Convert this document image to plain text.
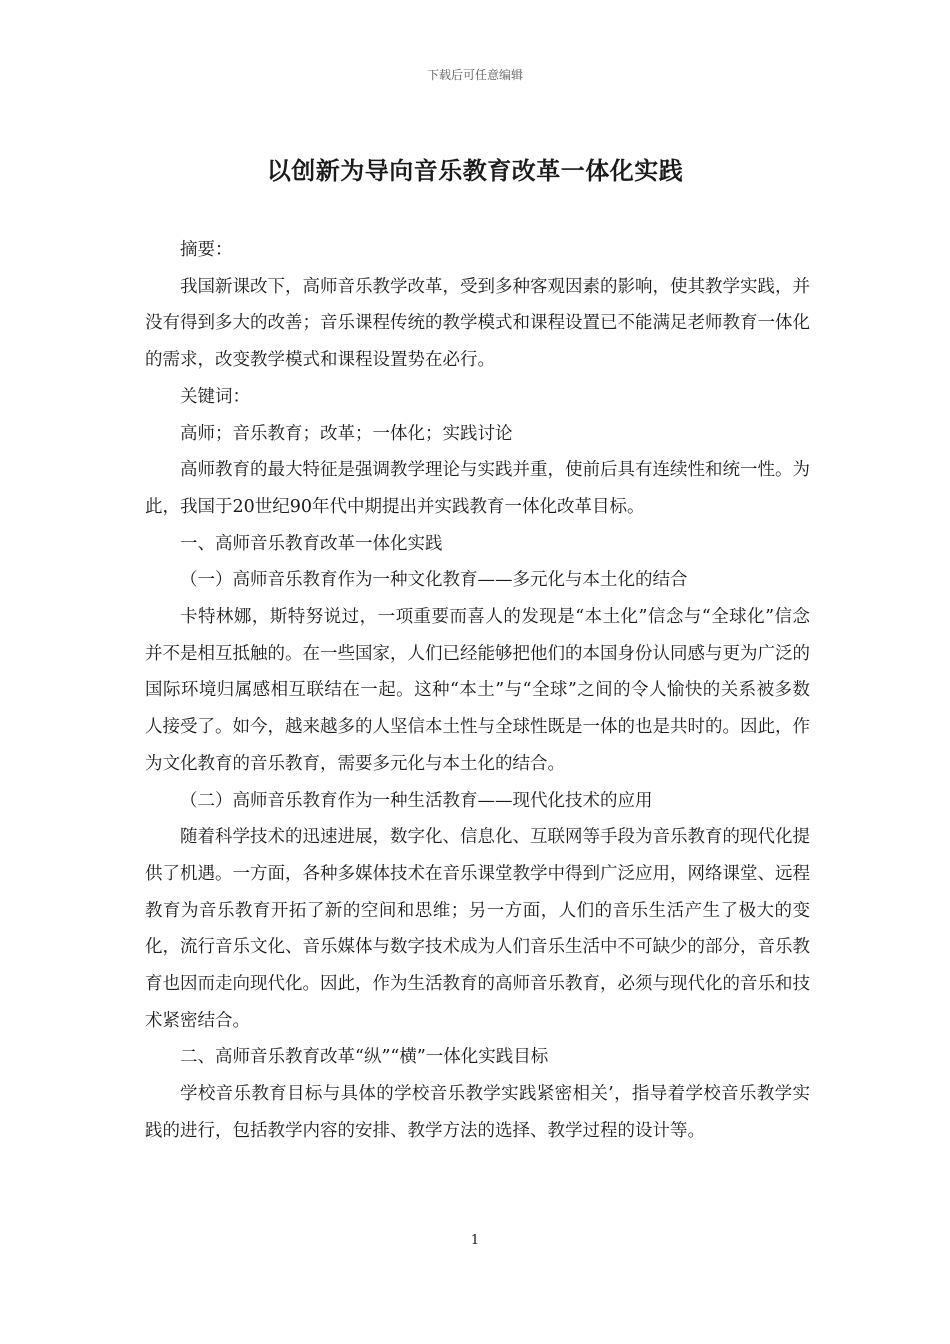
下载后可任意编辑
以创新为导向音乐教育改革一体化实践

摘要：

我国新课改下，高师音乐教学改革，受到多种客观因素的影响，使其教学实践，并没有得到多大的改善；音乐课程传统的教学模式和课程设置已不能满足老师教育一体化的需求，改变教学模式和课程设置势在必行。

关键词：

高师；音乐教育；改革；一体化；实践讨论

高师教育的最大特征是强调教学理论与实践并重，使前后具有连续性和统一性。为此，我国于20世纪90年代中期提出并实践教育一体化改革目标。

一、高师音乐教育改革一体化实践

（一）高师音乐教育作为一种文化教育——多元化与本土化的结合

卡特林娜，斯特努说过，一项重要而喜人的发现是“本土化”信念与“全球化”信念并不是相互抵触的。在一些国家，人们已经能够把他们的本国身份认同感与更为广泛的国际环境归属感相互联结在一起。这种“本土”与“全球”之间的令人愉快的关系被多数人接受了。如今，越来越多的人坚信本土性与全球性既是一体的也是共时的。因此，作为文化教育的音乐教育，需要多元化与本土化的结合。

（二）高师音乐教育作为一种生活教育——现代化技术的应用

随着科学技术的迅速进展，数字化、信息化、互联网等手段为音乐教育的现代化提供了机遇。一方面，各种多媒体技术在音乐课堂教学中得到广泛应用，网络课堂、远程教育为音乐教育开拓了新的空间和思维；另一方面，人们的音乐生活产生了极大的变化，流行音乐文化、音乐媒体与数字技术成为人们音乐生活中不可缺少的部分，音乐教育也因而走向现代化。因此，作为生活教育的高师音乐教育，必须与现代化的音乐和技术紧密结合。

二、高师音乐教育改革“纵”“横”一体化实践目标

学校音乐教育目标与具体的学校音乐教学实践紧密相关’，指导着学校音乐教学实践的进行，包括教学内容的安排、教学方法的选择、教学过程的设计等。

1
